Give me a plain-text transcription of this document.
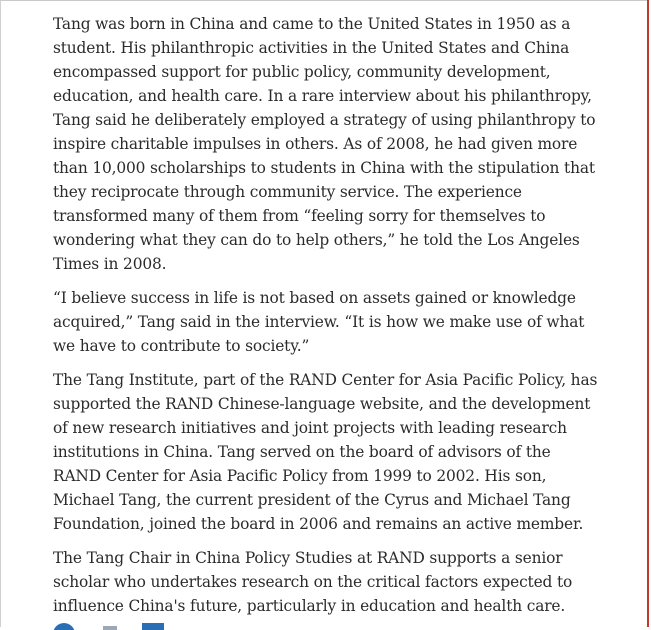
Tang was born in China and came to the United States in 1950 as a student. His philanthropic activities in the United States and China encompassed support for public policy, community development, education, and health care. In a rare interview about his philanthropy, Tang said he deliberately employed a strategy of using philanthropy to inspire charitable impulses in others. As of 2008, he had given more than 10,000 scholarships to students in China with the stipulation that they reciprocate through community service. The experience transformed many of them from “feeling sorry for themselves to wondering what they can do to help others,” he told the Los Angeles Times in 2008.

“I believe success in life is not based on assets gained or knowledge acquired,” Tang said in the interview. “It is how we make use of what we have to contribute to society.”

The Tang Institute, part of the RAND Center for Asia Pacific Policy, has supported the RAND Chinese-language website, and the development of new research initiatives and joint projects with leading research institutions in China. Tang served on the board of advisors of the RAND Center for Asia Pacific Policy from 1999 to 2002. His son, Michael Tang, the current president of the Cyrus and Michael Tang Foundation, joined the board in 2006 and remains an active member.

The Tang Chair in China Policy Studies at RAND supports a senior scholar who undertakes research on the critical factors expected to influence China's future, particularly in education and health care.
